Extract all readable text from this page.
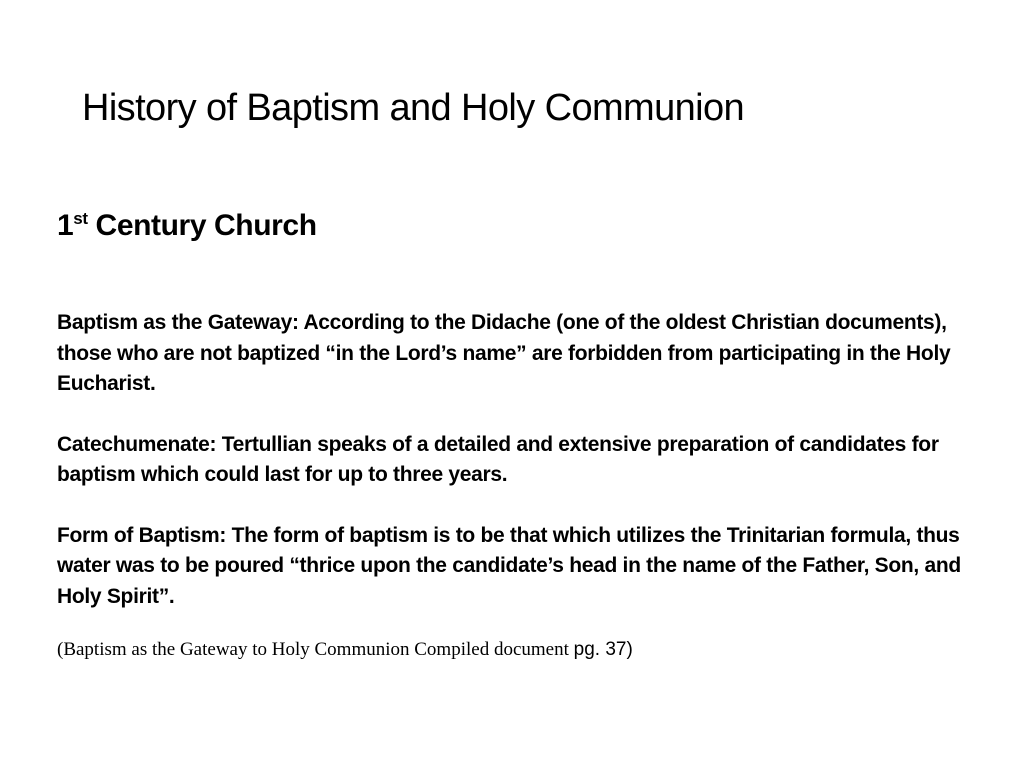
History of Baptism and Holy Communion
1st Century Church

Baptism as the Gateway: According to the Didache (one of the oldest Christian documents), those who are not baptized “in the Lord’s name” are forbidden from participating in the Holy Eucharist.

Catechumenate: Tertullian speaks of a detailed and extensive preparation of candidates for baptism which could last for up to three years.

Form of Baptism: The form of baptism is to be that which utilizes the Trinitarian formula, thus water was to be poured “thrice upon the candidate’s head in the name of the Father, Son, and Holy Spirit”.

(Baptism as the Gateway to Holy Communion Compiled document pg. 37)
